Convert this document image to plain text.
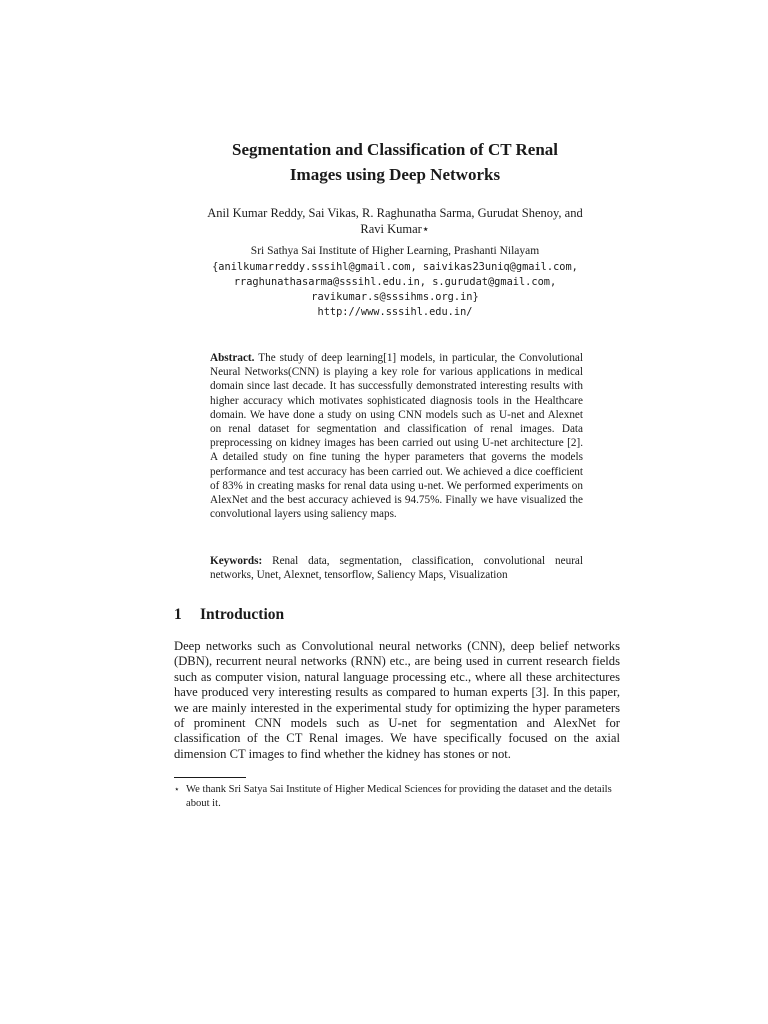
Segmentation and Classification of CT Renal
Images using Deep Networks
Anil Kumar Reddy, Sai Vikas, R. Raghunatha Sarma, Gurudat Shenoy, and
Ravi Kumar⋆
Sri Sathya Sai Institute of Higher Learning, Prashanti Nilayam
{anilkumarreddy.sssihl@gmail.com, saivikas23uniq@gmail.com,
rraghunathasarma@sssihl.edu.in, s.gurudat@gmail.com,
ravikumar.s@sssihms.org.in}
http://www.sssihl.edu.in/
Abstract. The study of deep learning[1] models, in particular, the Convolutional Neural Networks(CNN) is playing a key role for various applications in medical domain since last decade. It has successfully demonstrated interesting results with higher accuracy which motivates sophisticated diagnosis tools in the Healthcare domain. We have done a study on using CNN models such as U-net and Alexnet on renal dataset for segmentation and classification of renal images. Data preprocessing on kidney images has been carried out using U-net architecture [2]. A detailed study on fine tuning the hyper parameters that governs the models performance and test accuracy has been carried out. We achieved a dice coefficient of 83% in creating masks for renal data using u-net. We performed experiments on AlexNet and the best accuracy achieved is 94.75%. Finally we have visualized the convolutional layers using saliency maps.
Keywords: Renal data, segmentation, classification, convolutional neural networks, Unet, Alexnet, tensorflow, Saliency Maps, Visualization
1 Introduction
Deep networks such as Convolutional neural networks (CNN), deep belief networks (DBN), recurrent neural networks (RNN) etc., are being used in current research fields such as computer vision, natural language processing etc., where all these architectures have produced very interesting results as compared to human experts [3]. In this paper, we are mainly interested in the experimental study for optimizing the hyper parameters of prominent CNN models such as U-net for segmentation and AlexNet for classification of the CT Renal images. We have specifically focused on the axial dimension CT images to find whether the kidney has stones or not.
⋆ We thank Sri Satya Sai Institute of Higher Medical Sciences for providing the dataset and the details about it.
